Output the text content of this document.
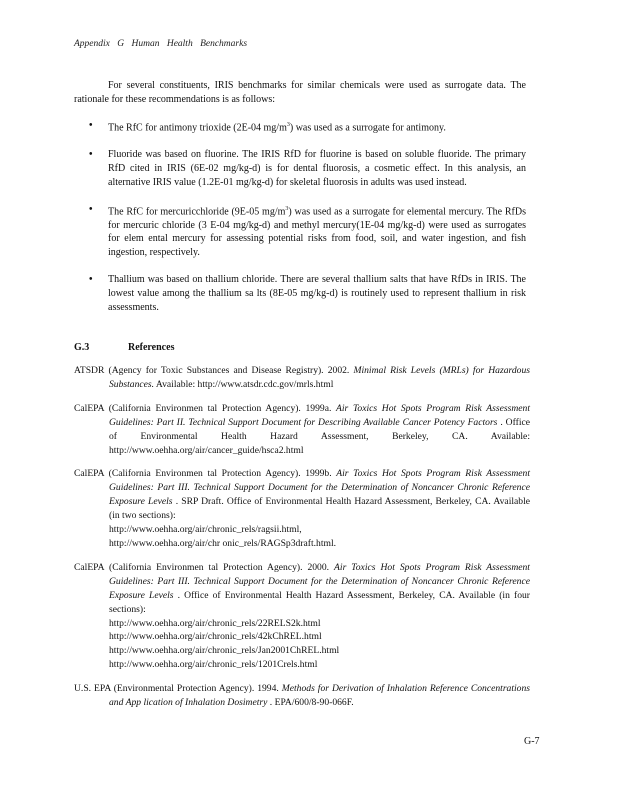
Appendix G Human Health Benchmarks

For several constituents, IRIS benchmarks for similar chemicals were used as surrogate data. The rationale for these recommendations is as follows:

• The RfC for antimony trioxide (2E-04 $mg/m^3$) was used as a surrogate for antimony.
• Fluoride was based on fluorine. The IRIS RfD for fluorine is based on soluble fluoride. The primary RfD cited in IRIS (6E-02 mg/kg-d) is for dental fluorosis, a cosmetic effect. In this analysis, an alternative IRIS value (1.2E-01 mg/kg-d) for skeletal fluorosis in adults was used instead.
• The RfC for mercuricchloride (9E-05 $mg/m^3$) was used as a surrogate for elemental mercury. The RfDs for mercuric chloride (3 E-04 mg/kg-d) and methyl mercury(1E-04 mg/kg-d) were used as surrogates for elem ental mercury for assessing potential risks from food, soil, and water ingestion, and fish ingestion, respectively.
• Thallium was based on thallium chloride. There are several thallium salts that have RfDs in IRIS. The lowest value among the thallium sa lts (8E-05 mg/kg-d) is routinely used to represent thallium in risk assessments.
G.3	References
ATSDR (Agency for Toxic Substances and Disease Registry). 2002. Minimal Risk Levels (MRLs) for Hazardous Substances. Available: http://www.atsdr.cdc.gov/mrls.html
CalEPA (California Environmen tal Protection Agency). 1999a. Air Toxics Hot Spots Program Risk Assessment Guidelines: Part II. Technical Support Document for Describing Available Cancer Potency Factors . Office of Environmental Health Hazard Assessment, Berkeley, CA. Available: http://www.oehha.org/air/cancer_guide/hsca2.html
CalEPA (California Environmen tal Protection Agency). 1999b. Air Toxics Hot Spots Program Risk Assessment Guidelines: Part III. Technical Support Document for the Determination of Noncancer Chronic Reference Exposure Levels . SRP Draft. Office of Environmental Health Hazard Assessment, Berkeley, CA. Available (in two sections):
http://www.oehha.org/air/chronic_rels/ragsii.html,
http://www.oehha.org/air/chr onic_rels/RAGSp3draft.html.
CalEPA (California Environmen tal Protection Agency). 2000. Air Toxics Hot Spots Program Risk Assessment Guidelines: Part III. Technical Support Document for the Determination of Noncancer Chronic Reference Exposure Levels . Office of Environmental Health Hazard Assessment, Berkeley, CA. Available (in four sections):
http://www.oehha.org/air/chronic_rels/22RELS2k.html
http://www.oehha.org/air/chronic_rels/42kChREL.html
http://www.oehha.org/air/chronic_rels/Jan2001ChREL.html
http://www.oehha.org/air/chronic_rels/1201Crels.html
U.S. EPA (Environmental Protection Agency). 1994. Methods for Derivation of Inhalation Reference Concentrations and App lication of Inhalation Dosimetry . EPA/600/8-90-066F.
G-7
